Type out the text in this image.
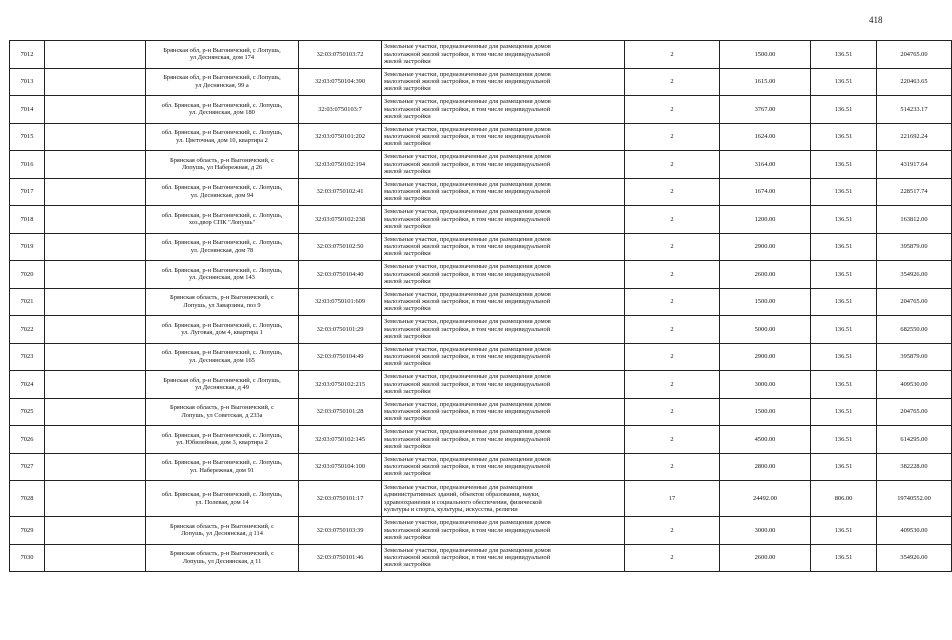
418
7012		Брянская обл, р-н Выгоничский, с Лопушь,
ул Деснянская, дом 174	32:03:0750103:72	Земельные участки, предназначенные для размещения домов
малоэтажной жилой застройки, в том числе индивидуальной
жилой застройки	2	1500.00	136.51	204765.00
7013		Брянская обл, р-н Выгоничский, с Лопушь,
ул Деснянская, 99 а	32:03:0750104:390	Земельные участки, предназначенные для размещения домов
малоэтажной жилой застройки, в том числе индивидуальной
жилой застройки	2	1615.00	136.51	220463.65
7014		обл. Брянская, р-н Выгоничский, с. Лопушь,
ул. Деснянская, дом 180	32:03:0750103:7	Земельные участки, предназначенные для размещения домов
малоэтажной жилой застройки, в том числе индивидуальной
жилой застройки	2	3767.00	136.51	514233.17
7015		обл. Брянская, р-н Выгоничский, с. Лопушь,
ул. Цветочная, дом 10, квартира 2	32:03:0750101:202	Земельные участки, предназначенные для размещения домов
малоэтажной жилой застройки, в том числе индивидуальной
жилой застройки	2	1624.00	136.51	221692.24
7016		Брянская область, р-н Выгоничский, с
Лопушь, ул Набережная, д 26	32:03:0750102:194	Земельные участки, предназначенные для размещения домов
малоэтажной жилой застройки, в том числе индивидуальной
жилой застройки	2	3164.00	136.51	431917.64
7017		обл. Брянская, р-н Выгоничский, с. Лопушь,
ул. Деснянская, дом 94	32:03:0750102:41	Земельные участки, предназначенные для размещения домов
малоэтажной жилой застройки, в том числе индивидуальной
жилой застройки	2	1674.00	136.51	228517.74
7018		обл. Брянская, р-н Выгоничский, с. Лопушь,
хоз.двор СПК "Лопушь"	32:03:0750102:238	Земельные участки, предназначенные для размещения домов
малоэтажной жилой застройки, в том числе индивидуальной
жилой застройки	2	1200.00	136.51	163812.00
7019		обл. Брянская, р-н Выгоничский, с. Лопушь,
ул. Деснянская, дом 78	32:03:0750102:50	Земельные участки, предназначенные для размещения домов
малоэтажной жилой застройки, в том числе индивидуальной
жилой застройки	2	2900.00	136.51	395879.00
7020		обл. Брянская, р-н Выгоничский, с. Лопушь,
ул. Деснянская, дом 143	32:03:0750104:40	Земельные участки, предназначенные для размещения домов
малоэтажной жилой застройки, в том числе индивидуальной
жилой застройки	2	2600.00	136.51	354926.00
7021		Брянская область, р-н Выгоничский, с
Лопушь, ул Заварзина, поз 9	32:03:0750101:609	Земельные участки, предназначенные для размещения домов
малоэтажной жилой застройки, в том числе индивидуальной
жилой застройки	2	1500.00	136.51	204765.00
7022		обл. Брянская, р-н Выгоничский, с. Лопушь,
ул. Луговая, дом 4, квартира 1	32:03:0750101:29	Земельные участки, предназначенные для размещения домов
малоэтажной жилой застройки, в том числе индивидуальной
жилой застройки	2	5000.00	136.51	682550.00
7023		обл. Брянская, р-н Выгоничский, с. Лопушь,
ул. Деснянская, дом 165	32:03:0750104:49	Земельные участки, предназначенные для размещения домов
малоэтажной жилой застройки, в том числе индивидуальной
жилой застройки	2	2900.00	136.51	395879.00
7024		Брянская обл, р-н Выгоничский, с Лопушь,
ул Деснянская, д 49	32:03:0750102:215	Земельные участки, предназначенные для размещения домов
малоэтажной жилой застройки, в том числе индивидуальной
жилой застройки	2	3000.00	136.51	409530.00
7025		Брянская область, р-н Выгоничский, с
Лопушь, ул Советская, д 233а	32:03:0750101:28	Земельные участки, предназначенные для размещения домов
малоэтажной жилой застройки, в том числе индивидуальной
жилой застройки	2	1500.00	136.51	204765.00
7026		обл. Брянская, р-н Выгоничский, с. Лопушь,
ул. Юбилейная, дом 3, квартира 2	32:03:0750102:145	Земельные участки, предназначенные для размещения домов
малоэтажной жилой застройки, в том числе индивидуальной
жилой застройки	2	4500.00	136.51	614295.00
7027		обл. Брянская, р-н Выгоничский, с. Лопушь,
ул. Набережная, дом 91	32:03:0750104:100	Земельные участки, предназначенные для размещения домов
малоэтажной жилой застройки, в том числе индивидуальной
жилой застройки	2	2800.00	136.51	382228.00
7028		обл. Брянская, р-н Выгоничский, с. Лопушь,
ул. Полевая, дом 14	32:03:0750101:17	Земельные участки, предназначенные для размещения
административных зданий, объектов образования, науки,
здравоохранения и социального обеспечения, физической
культуры и спорта, культуры, искусства, религии	17	24492.00	806.00	19740552.00
7029		Брянская область, р-н Выгоничский, с
Лопушь, ул Деснянская, д 114	32:03:0750103:39	Земельные участки, предназначенные для размещения домов
малоэтажной жилой застройки, в том числе индивидуальной
жилой застройки	2	3000.00	136.51	409530.00
7030		Брянская область, р-н Выгоничский, с
Лопушь, ул Деснянская, д 11	32:03:0750101:46	Земельные участки, предназначенные для размещения домов
малоэтажной жилой застройки, в том числе индивидуальной
жилой застройки	2	2600.00	136.51	354926.00
